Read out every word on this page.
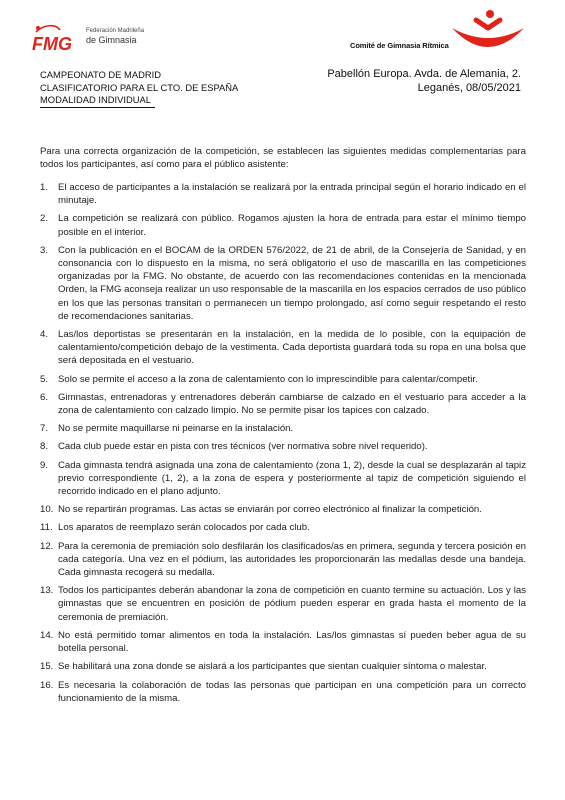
FMG
Federación Madrileña
de Gimnasia
Comité de Gimnasia Rítmica
CAMPEONATO DE MADRID
CLASIFICATORIO PARA EL CTO. DE ESPAÑA
MODALIDAD INDIVIDUAL
Pabellón Europa. Avda. de Alemania, 2.
Leganés, 08/05/2021
Para una correcta organización de la competición, se establecen las siguientes medidas complementarias para todos los participantes, así como para el público asistente:
1. El acceso de participantes a la instalación se realizará por la entrada principal según el horario indicado en el minutaje.
2. La competición se realizará con público. Rogamos ajusten la hora de entrada para estar el mínimo tiempo posible en el interior.
3. Con la publicación en el BOCAM de la ORDEN 576/2022, de 21 de abril, de la Consejería de Sanidad, y en consonancia con lo dispuesto en la misma, no será obligatorio el uso de mascarilla en las competiciones organizadas por la FMG. No obstante, de acuerdo con las recomendaciones contenidas en la mencionada Orden, la FMG aconseja realizar un uso responsable de la mascarilla en los espacios cerrados de uso público en los que las personas transitan o permanecen un tiempo prolongado, así como seguir respetando el resto de recomendaciones sanitarias.
4. Las/los deportistas se presentarán en la instalación, en la medida de lo posible, con la equipación de calentamiento/competición debajo de la vestimenta. Cada deportista guardará toda su ropa en una bolsa que será depositada en el vestuario.
5. Solo se permite el acceso a la zona de calentamiento con lo imprescindible para calentar/competir.
6. Gimnastas, entrenadoras y entrenadores deberán cambiarse de calzado en el vestuario para acceder a la zona de calentamiento con calzado limpio. No se permite pisar los tapices con calzado.
7. No se permite maquillarse ni peinarse en la instalación.
8. Cada club puede estar en pista con tres técnicos (ver normativa sobre nivel requerido).
9. Cada gimnasta tendrá asignada una zona de calentamiento (zona 1, 2), desde la cual se desplazarán al tapiz previo correspondiente (1, 2), a la zona de espera y posteriormente al tapiz de competición siguiendo el recorrido indicado en el plano adjunto.
10. No se repartirán programas. Las actas se enviarán por correo electrónico al finalizar la competición.
11. Los aparatos de reemplazo serán colocados por cada club.
12. Para la ceremonia de premiación solo desfilarán los clasificados/as en primera, segunda y tercera posición en cada categoría. Una vez en el pódium, las autoridades les proporcionarán las medallas desde una bandeja. Cada gimnasta recogerá su medalla.
13. Todos los participantes deberán abandonar la zona de competición en cuanto termine su actuación. Los y las gimnastas que se encuentren en posición de pódium pueden esperar en grada hasta el momento de la ceremonia de premiación.
14. No está permitido tomar alimentos en toda la instalación. Las/los gimnastas sí pueden beber agua de su botella personal.
15. Se habilitará una zona donde se aislará a los participantes que sientan cualquier síntoma o malestar.
16. Es necesaria la colaboración de todas las personas que participan en una competición para un correcto funcionamiento de la misma.
